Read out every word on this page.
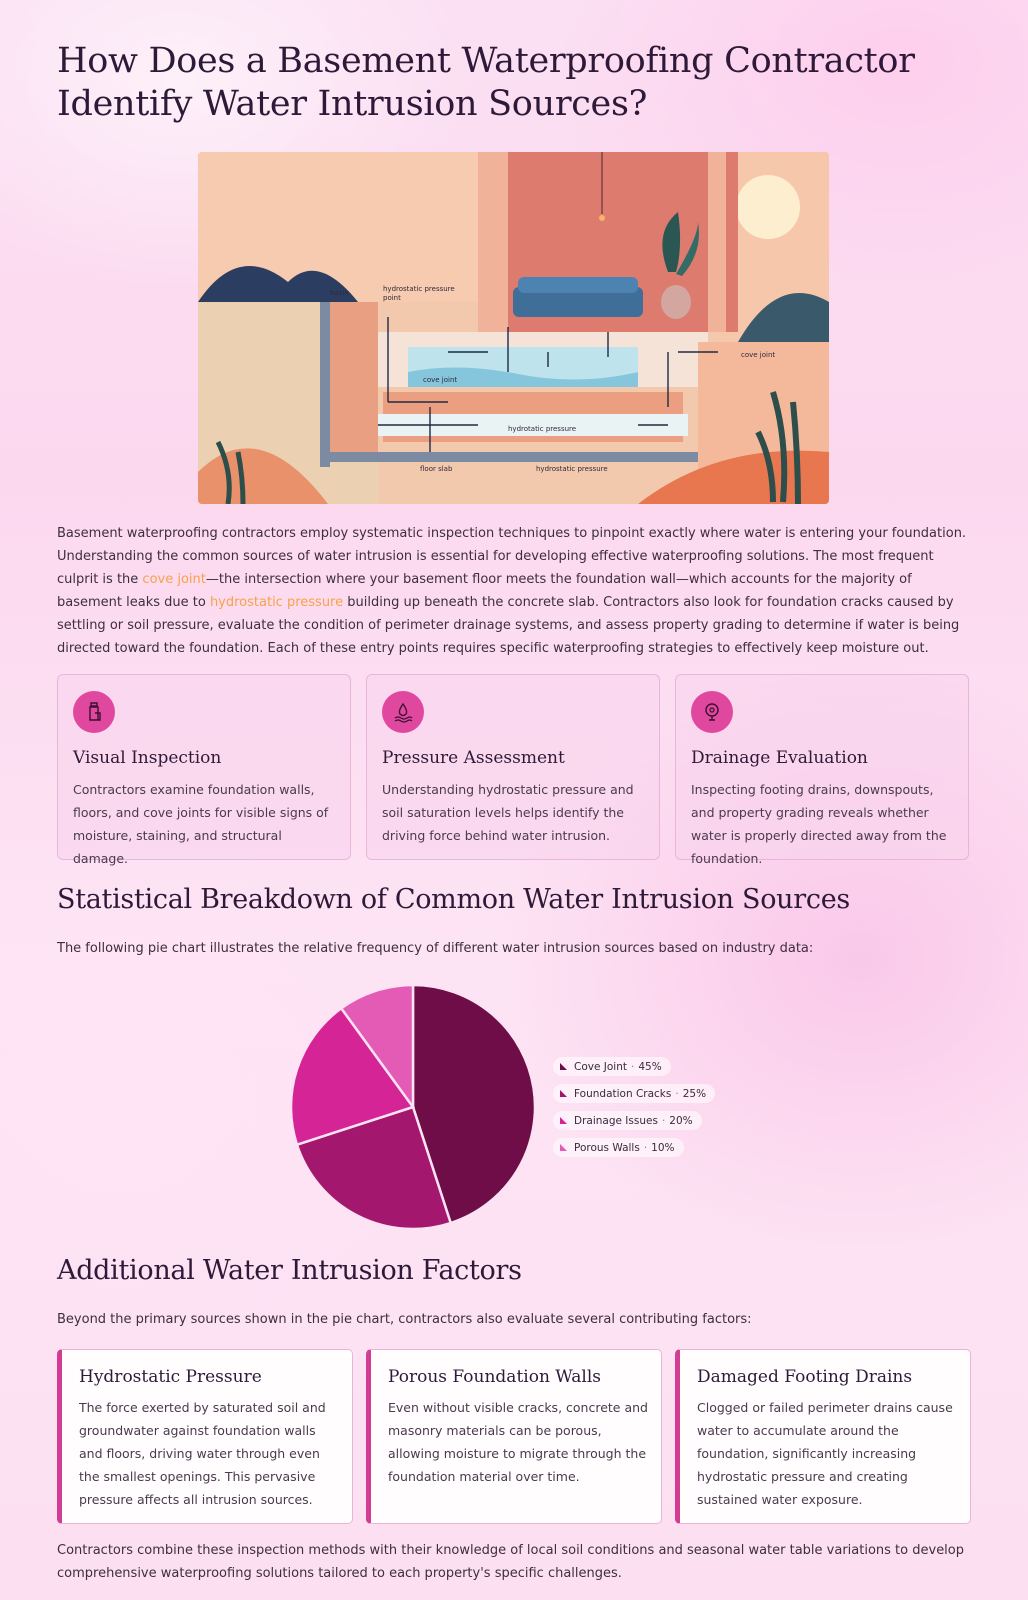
How Does a Basement Waterproofing Contractor Identify Water Intrusion Sources?
basin	hydrostatic pressure
point
cove joint
cove joint
hydrotatic pressure
floor slab	hydrostatic pressure

Basement waterproofing contractors employ systematic inspection techniques to pinpoint exactly where water is entering your foundation. Understanding the common sources of water intrusion is essential for developing effective waterproofing solutions. The most frequent culprit is the cove joint—the intersection where your basement floor meets the foundation wall—which accounts for the majority of basement leaks due to hydrostatic pressure building up beneath the concrete slab. Contractors also look for foundation cracks caused by settling or soil pressure, evaluate the condition of perimeter drainage systems, and assess property grading to determine if water is being directed toward the foundation. Each of these entry points requires specific waterproofing strategies to effectively keep moisture out.

Visual Inspection

Contractors examine foundation walls, floors, and cove joints for visible signs of moisture, staining, and structural damage.

Pressure Assessment

Understanding hydrostatic pressure and soil saturation levels helps identify the driving force behind water intrusion.

Drainage Evaluation

Inspecting footing drains, downspouts, and property grading reveals whether water is properly directed away from the foundation.

Statistical Breakdown of Common Water Intrusion Sources

The following pie chart illustrates the relative frequency of different water intrusion sources based on industry data:

Cove Joint · 45%
Foundation Cracks · 25%
Drainage Issues · 20%
Porous Walls · 10%
Additional Water Intrusion Factors

Beyond the primary sources shown in the pie chart, contractors also evaluate several contributing factors:

Hydrostatic Pressure

The force exerted by saturated soil and groundwater against foundation walls and floors, driving water through even the smallest openings. This pervasive pressure affects all intrusion sources.

Porous Foundation Walls

Even without visible cracks, concrete and masonry materials can be porous, allowing moisture to migrate through the foundation material over time.

Damaged Footing Drains

Clogged or failed perimeter drains cause water to accumulate around the foundation, significantly increasing hydrostatic pressure and creating sustained water exposure.

Contractors combine these inspection methods with their knowledge of local soil conditions and seasonal water table variations to develop comprehensive waterproofing solutions tailored to each property's specific challenges.
